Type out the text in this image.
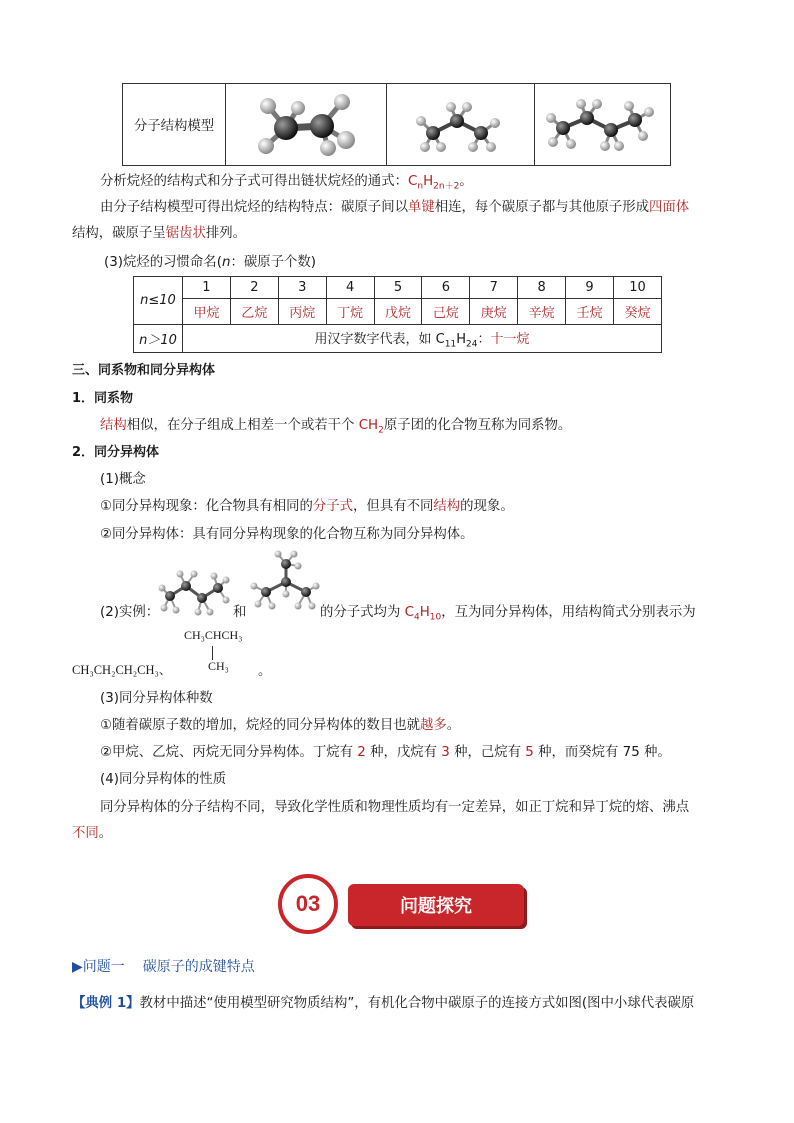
分子结构模型	

分析烷烃的结构式和分子式可得出链状烷烃的通式：$C_nH_{2n+2}$。
由分子结构模型可得出烷烃的结构特点：碳原子间以单键相连，每个碳原子都与其他原子形成四面体
结构，碳原子呈锯齿状排列。
(3)烷烃的习惯命名(n：碳原子个数)
n≤10	1	2	3	4	5	6	7	8	9	10
	甲烷	乙烷	丙烷	丁烷	戊烷	己烷	庚烷	辛烷	壬烷	癸烷
n＞10	用汉字数字代表，如 $C_{11}H_{24}$：十一烷									
三、同系物和同分异构体
1．同系物
结构相似，在分子组成上相差一个或若干个 $CH_2$原子团的化合物互称为同系物。
2．同分异构体
(1)概念
①同分异构现象：化合物具有相同的分子式，但具有不同结构的现象。
②同分异构体：具有同分异构现象的化合物互称为同分异构体。
(2)实例：	和	的分子式均为 $C_4H_{10}$，互为同分异构体，用结构简式分别表示为
CH₃CHCH₃
CH₃
CH₃CH₂CH₂CH₃、	。
(3)同分异构体种数
①随着碳原子数的增加，烷烃的同分异构体的数目也就越多。
②甲烷、乙烷、丙烷无同分异构体。丁烷有 2 种，戊烷有 3 种，己烷有 5 种，而癸烷有 75 种。
(4)同分异构体的性质
同分异构体的分子结构不同，导致化学性质和物理性质均有一定差异，如正丁烷和异丁烷的熔、沸点
不同。
问题探究
03
▶问题一 碳原子的成键特点
【典例 1】教材中描述“使用模型研究物质结构”，有机化合物中碳原子的连接方式如图(图中小球代表碳原
